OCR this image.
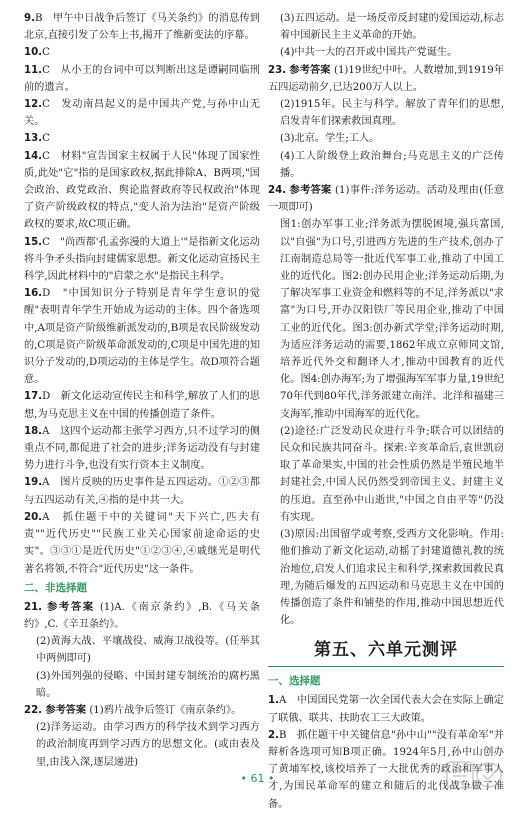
9.B　甲午中日战争后签订《马关条约》的消息传到北京,直接引发了公车上书,揭开了维新变法的序幕。

10.C

11.C　从小王的台词中可以判断出这是谭嗣同临刑前的遗言。

12.C　发动南昌起义的是中国共产党,与孙中山无关。

13.C

14.C　材料"宣告国家主权属于人民"体现了国家性质,此处"它"指的是国家政权,据此排除A、B两项,"国会政治、政党政治、舆论监督政府等民权政治"体现了资产阶级政权的特点,"变人治为法治"是资产阶级政权的要求,故C项正确。

15.C　"尚西都'孔孟弥漫的大道上'"是指新文化运动将斗争矛头指向封建儒家思想。新文化运动宣扬民主科学,因此材料中的"启蒙之水"是指民主科学。

16.D　"中国知识分子特别是青年学生意识的觉醒"表明青年学生开始成为运动的主体。四个备选项中,A项是资产阶级维新派发动的,B项是农民阶级发动的,C项是资产阶级革命派发动的,C项是中国先进的知识分子发动的,D项运动的主体是学生。故D项符合题意。

17.D　新文化运动宣传民主和科学,解放了人们的思想,为马克思主义在中国的传播创造了条件。

18.A　这四个运动都主张学习西方,只不过学习的侧重点不同,都促进了社会的进步;洋务运动没有与封建势力进行斗争,也没有实行资本主义制度。

19.A　图片反映的历史事件是五四运动。①②③都与五四运动有关,④指的是中共一大。

20.A　抓住题干中的关键词"天下兴亡,匹夫有责""近代历史""民族工业关心国家前途命运的史实"。③③①是近代历史"①②③④,④戚继光是明代著名将领,不符合"近代历史"这一条件。

二、非选择题

21. 参考答案 (1)A.《南京条约》,B.《马关条约》,C.《辛丑条约》。

(2)黄海大战、平壤战役、威海卫战役等。(任举其中两例即可)

(3)外国列强的侵略、中国封建专制统治的腐朽黑暗。

22. 参考答案 (1)鸦片战争后签订《南京条约》。

(2)洋务运动。由学习西方的科学技术到学习西方的政治制度再到学习西方的思想文化。(或由表及里,由浅入深,逐层递进)

(3)五四运动。是一场反帝反封建的爱国运动,标志着中国新民主主义革命的开始。

(4)中共一大的召开或中国共产党诞生。

23. 参考答案 (1)19世纪中叶。人数增加,到1919年五四运动前夕,已达200万人以上。

(2)1915年。民主与科学。解放了青年们的思想,启发青年们探索救国真理。

(3)北京。学生;工人。

(4)工人阶级登上政治舞台;马克思主义的广泛传播。

24. 参考答案 (1)事件:洋务运动。活动及理由(任意一项即可)

图1:创办军事工业;洋务派为摆脱困境,强兵富国,以"自强"为口号,引进西方先进的生产技术,创办了江南制造总局等一批近代军事工业,推动了中国工业的近代化。图2:创办民用企业;洋务运动后期,为了解决军事工业资金和燃料等的不足,洋务派以"求富"为口号,开办汉阳铁厂等民用企业,推动了中国工业的近代化。图3:创办新式学堂;洋务运动时期,为适应洋务运动的需要,1862年成立京师同文馆,培养近代外交和翻译人才,推动中国教育的近代化。图4:创办海军;为了增强海军军事力量,19世纪70年代到80年代,洋务派建立南洋、北洋和福建三支海军,推动中国海军的近代化。

(2)途径:广泛发动民众进行斗争;联合可以团结的民众和民族共同奋斗。探索:辛亥革命后,袁世凯窃取了革命果实,中国的社会性质仍然是半殖民地半封建社会,中国人民仍然受到帝国主义、封建主义的压迫。直至孙中山逝世,"中国之自由平等"仍没有实现。

(3)原因:出国留学或考察,受西方文化影响。作用:他们推动了新文化运动,动摇了封建道德礼教的统治地位,启发人们追求民主和科学,探索救国救民真理,为随后爆发的五四运动和马克思主义在中国的传播创造了条件和铺垫的作用,推动中国思想近代化。

第五、六单元测评
一、选择题

1.A　中国国民党第一次全国代表大会在实际上确定了联俄、联共、扶助农工三大政策。

2.B　抓住题干中关键信息"孙中山""没有革命军"并辩析各选项可知B项正确。1924年5月,孙中山创办了黄埔军校,该校培养了一大批优秀的政治和军事人才,为国民革命军的建立和随后的北伐战争做了准备。

• 61 •
